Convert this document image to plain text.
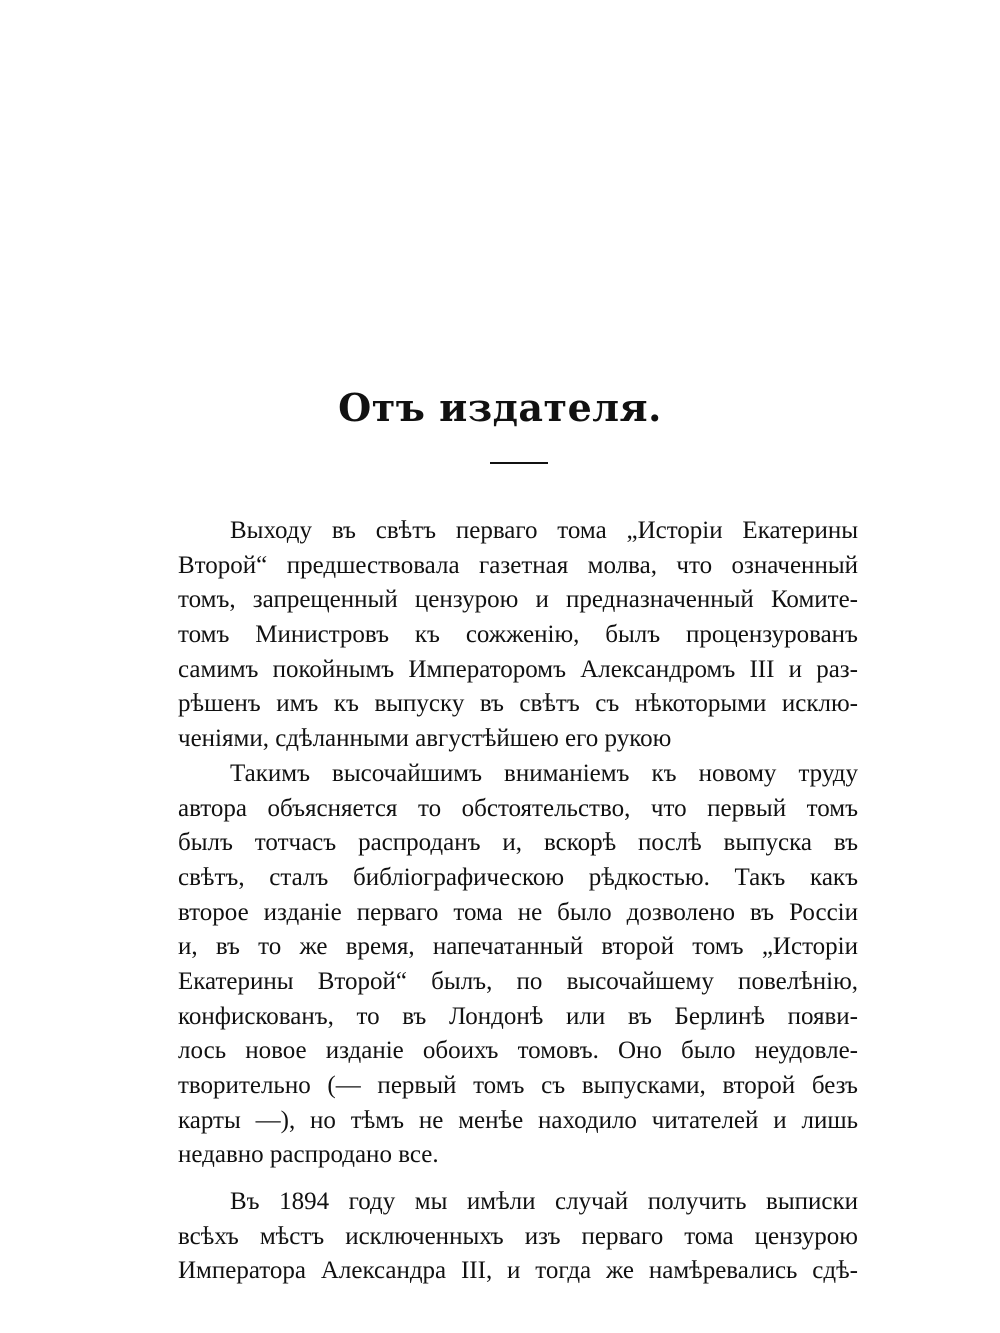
Отъ издателя.
Выходу въ свѣтъ перваго тома „Исторіи Екатерины
Второй“ предшествовала газетная молва, что означенный
томъ, запрещенный цензурою и предназначенный Комите-
томъ Министровъ къ сожженію, былъ процензурованъ
самимъ покойнымъ Императоромъ Александромъ III и раз-
рѣшенъ имъ къ выпуску въ свѣтъ съ нѣкоторыми исклю-
ченіями, сдѣланными августѣйшею его рукою
Такимъ высочайшимъ вниманіемъ къ новому труду
автора объясняется то обстоятельство, что первый томъ
былъ тотчасъ распроданъ и, вскорѣ послѣ выпуска въ
свѣтъ, сталъ библіографическою рѣдкостью. Такъ какъ
второе изданіе перваго тома не было дозволено въ Россіи
и, въ то же время, напечатанный второй томъ „Исторіи
Екатерины Второй“ былъ, по высочайшему повелѣнію,
конфискованъ, то въ Лондонѣ или въ Берлинѣ появи-
лось новое изданіе обоихъ томовъ. Оно было неудовле-
творительно (— первый томъ съ выпусками, второй безъ
карты —), но тѣмъ не менѣе находило читателей и лишь
недавно распродано все.
Въ 1894 году мы имѣли случай получить выписки
всѣхъ мѣстъ исключенныхъ изъ перваго тома цензурою
Императора Александра III, и тогда же намѣревались сдѣ-
